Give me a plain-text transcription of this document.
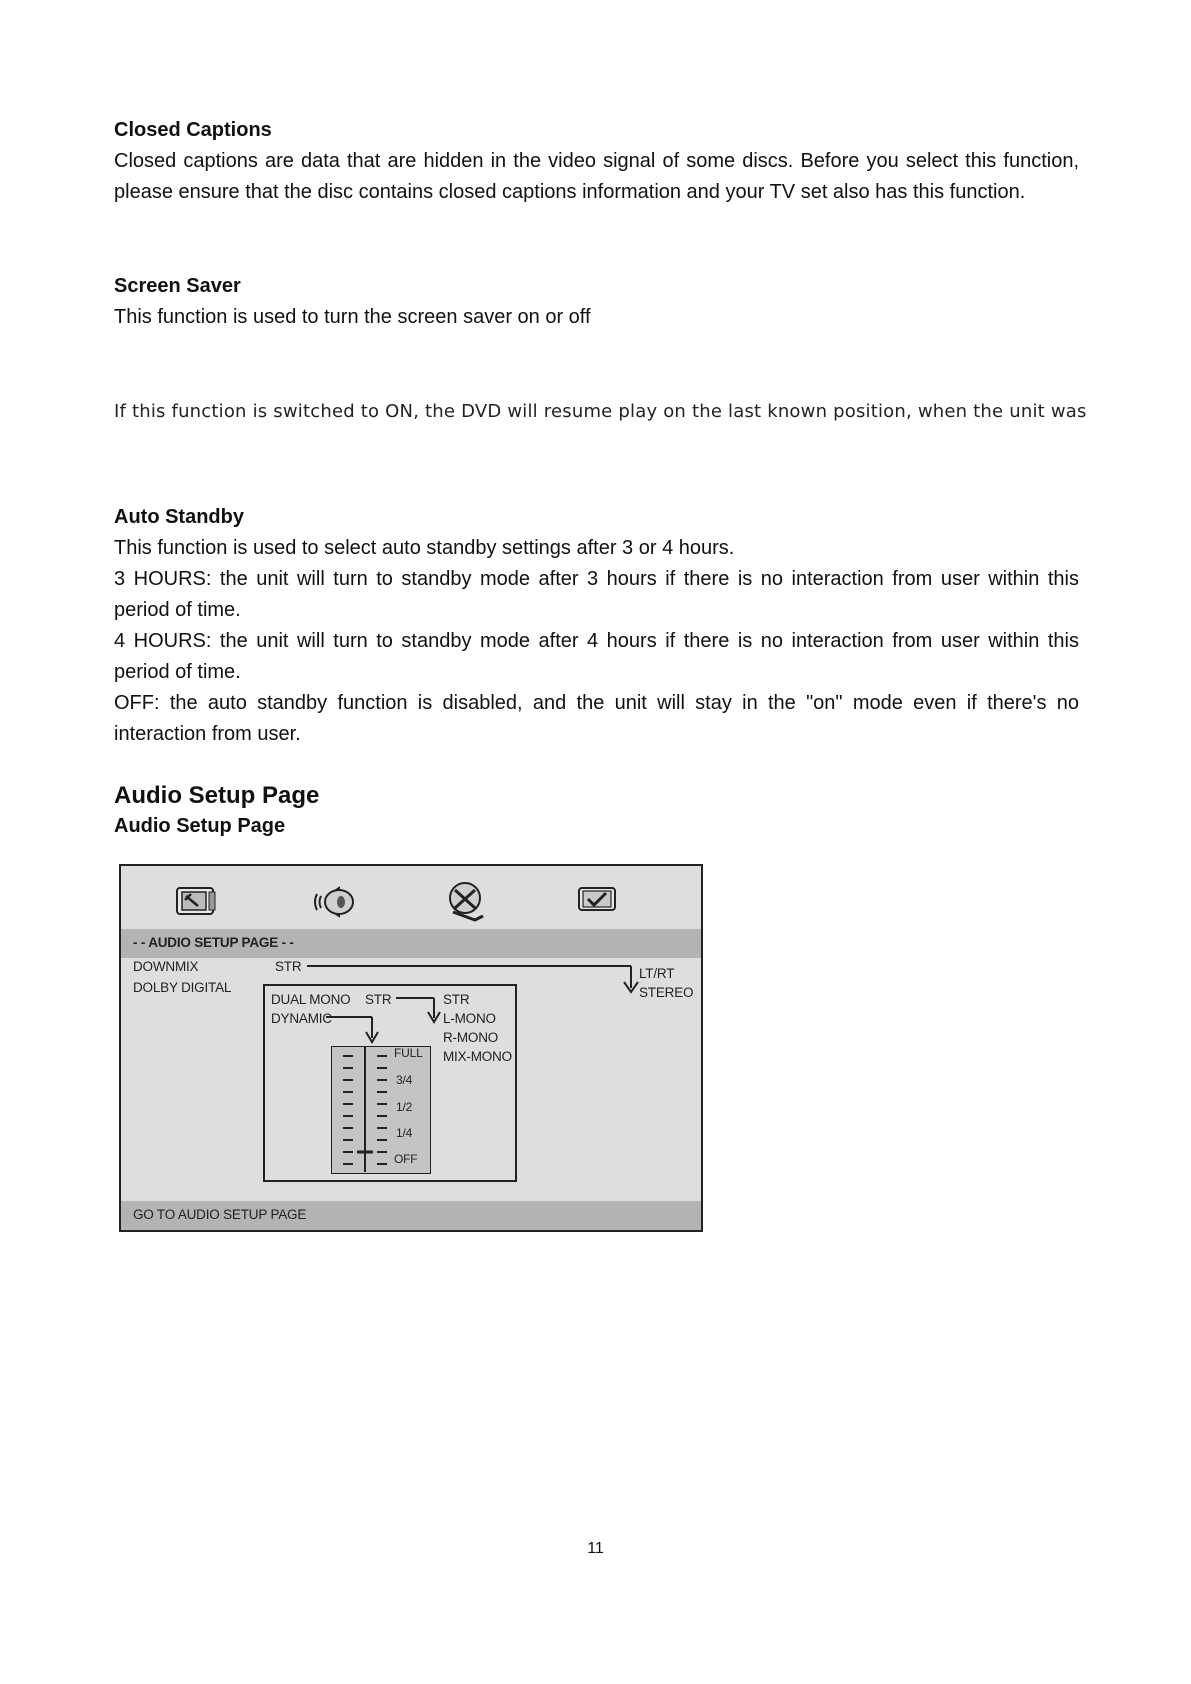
Closed Captions
Closed captions are data that are hidden in the video signal of some discs. Before you select this function, please ensure that the disc contains closed captions information and your TV set also has this function.
Screen Saver
This function is used to turn the screen saver on or off
If this function is switched to ON, the DVD will resume play on the last known position, when the unit was
Auto Standby
This function is used to select auto standby settings after 3 or 4 hours.
3 HOURS: the unit will turn to standby mode after 3 hours if there is no interaction from user within this period of time.
4 HOURS: the unit will turn to standby mode after 4 hours if there is no interaction from user within this period of time.
OFF: the auto standby function is disabled, and the unit will stay in the "on" mode even if there's no interaction from user.
Audio Setup Page
Audio Setup Page
- - AUDIO SETUP PAGE - -
DOWNMIX	STR	LT/RT
STEREO
DOLBY DIGITAL
DUAL MONO STR
DYNAMIC
STR
L-MONO
R-MONO
MIX-MONO
FULL
3/4
1/2
1/4
OFF
GO TO AUDIO SETUP PAGE
11
